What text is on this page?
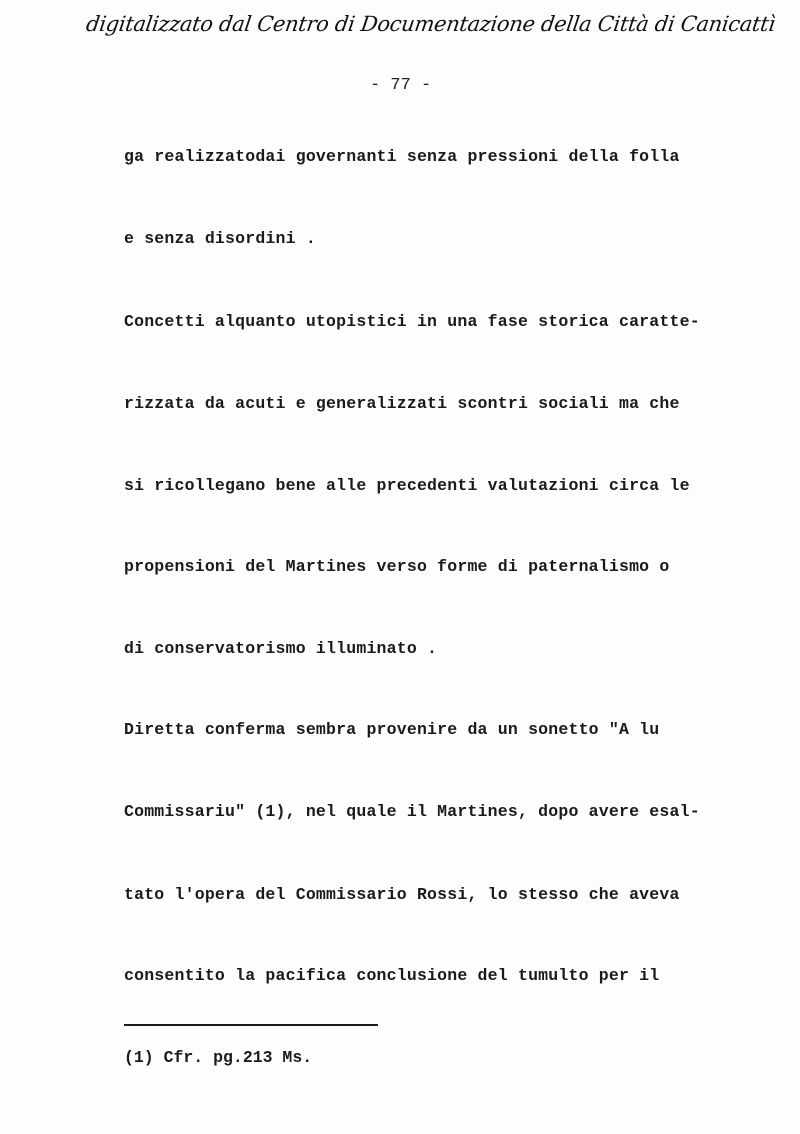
digitalizzato dal Centro di Documentazione della Città di Canicattì
- 77 -
ga realizzatodai governanti senza pressioni della folla
e senza disordini .
Concetti alquanto utopistici in una fase storica caratte-
rizzata da acuti e generalizzati scontri sociali ma che
si ricollegano bene alle precedenti valutazioni circa le
propensioni del Martines verso forme di paternalismo o
di conservatorismo illuminato .
Diretta conferma sembra provenire da un sonetto "A lu
Commissariu" (1), nel quale il Martines, dopo avere esal-
tato l'opera del Commissario Rossi, lo stesso che aveva
consentito la pacifica conclusione del tumulto per il
(1) Cfr. pg.213 Ms.
